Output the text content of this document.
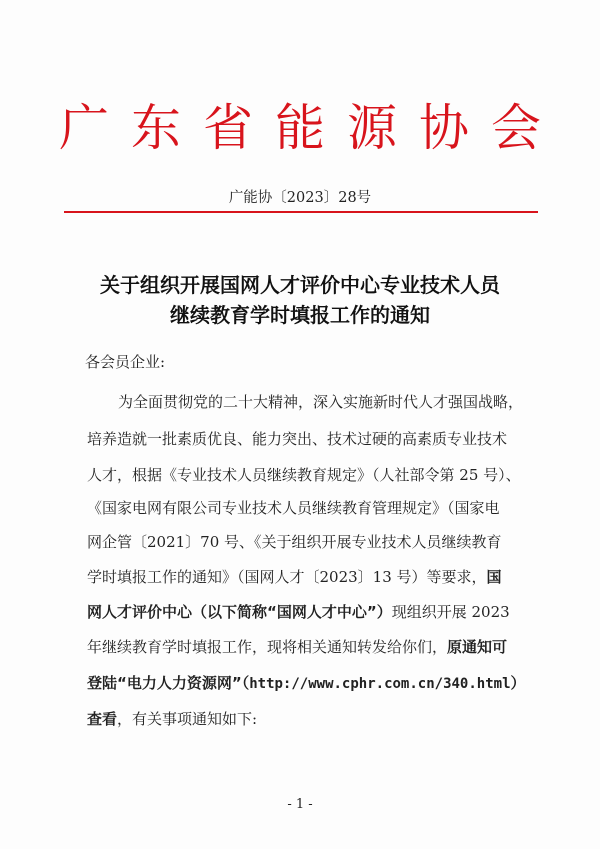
广东省能源协会
广能协〔2023〕28号
关于组织开展国网人才评价中心专业技术人员
继续教育学时填报工作的通知
各会员企业:
为全面贯彻党的二十大精神，深入实施新时代人才强国战略，
培养造就一批素质优良、能力突出、技术过硬的高素质专业技术
人才，根据《专业技术人员继续教育规定》（人社部令第 25 号）、
《国家电网有限公司专业技术人员继续教育管理规定》（国家电
网企管〔2021〕70 号、《关于组织开展专业技术人员继续教育
学时填报工作的通知》（国网人才〔2023〕13 号）等要求，国
网人才评价中心（以下简称“国网人才中心”）现组织开展 2023
年继续教育学时填报工作，现将相关通知转发给你们，原通知可
登陆“电力人力资源网”（http://www.cphr.com.cn/340.html）
查看，有关事项通知如下:
- 1 -
